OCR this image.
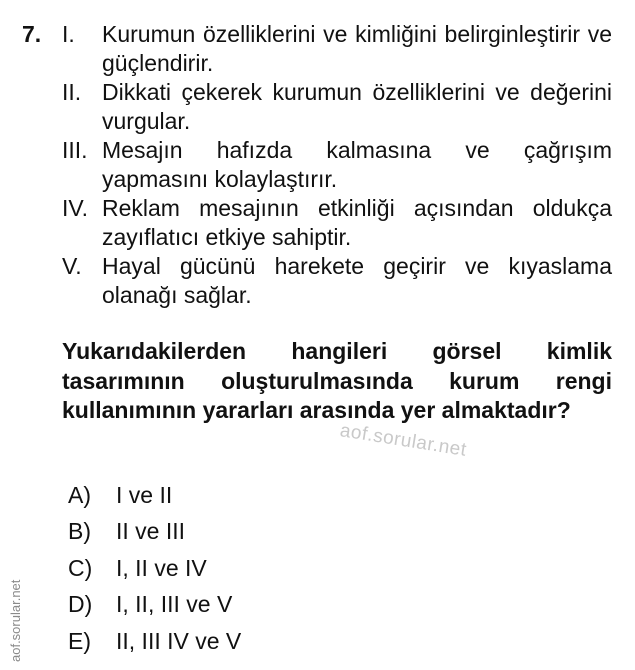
7. I.	Kurumun özelliklerini ve kimliğini belirginleştirir ve güçlendirir.
II. Dikkati çekerek kurumun özelliklerini ve değerini vurgular.
III. Mesajın hafızda kalmasına ve çağrışım yapmasını kolaylaştırır.
IV. Reklam mesajının etkinliği açısından oldukça zayıflatıcı etkiye sahiptir.
V. Hayal gücünü harekete geçirir ve kıyaslama olanağı sağlar.
Yukarıdakilerden hangileri görsel kimlik tasarımının oluşturulmasında kurum rengi kullanımının yararları arasında yer almaktadır?
aof.sorular.net
A)	I ve II
B)	II ve III
C)	I, II ve IV
D)	I, II, III ve V
E)	II, III IV ve V
aof.sorular.net
